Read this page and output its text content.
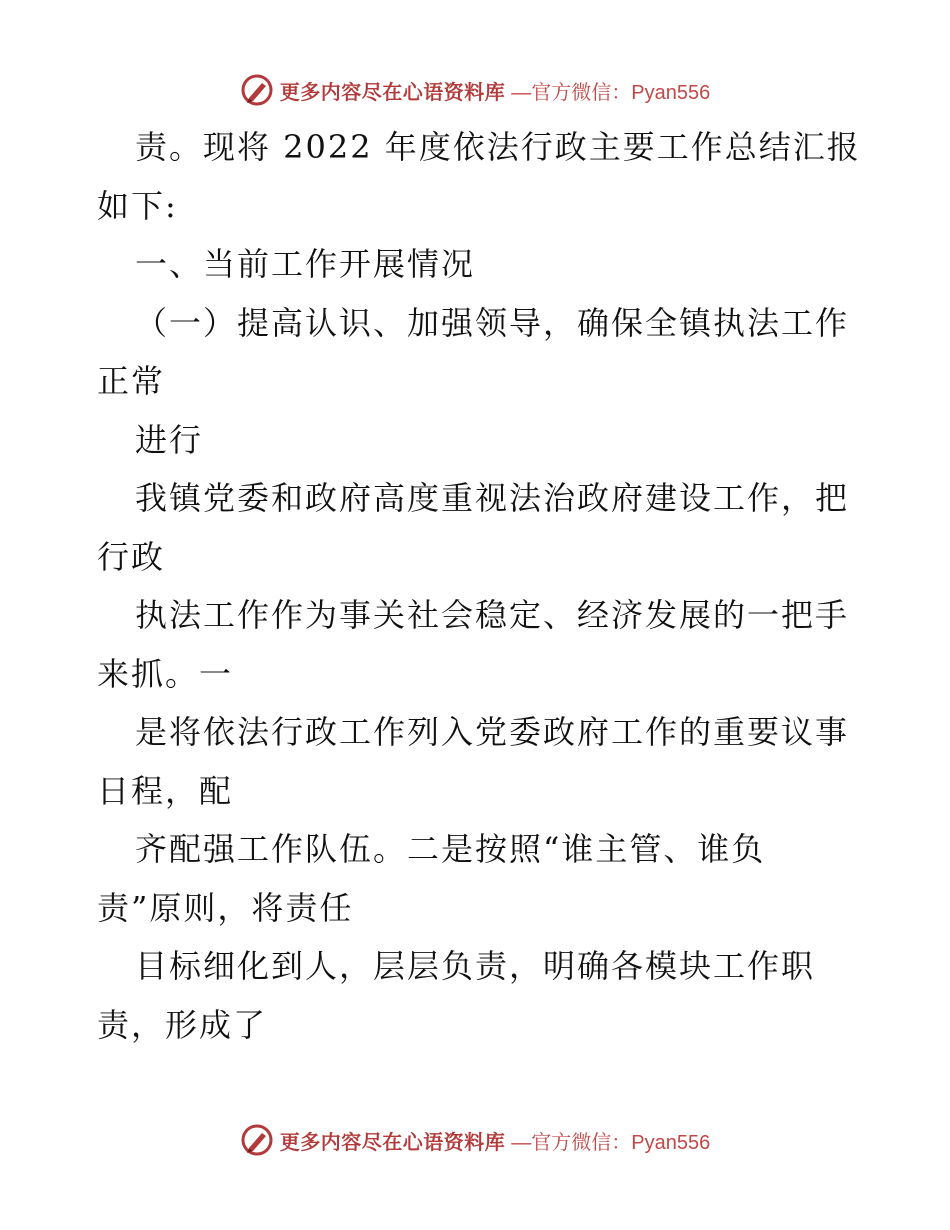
更多内容尽在心语资料库 —官方微信：Pyan556
责。现将 2022 年度依法行政主要工作总结汇报
如下:
一、当前工作开展情况
（一）提高认识、加强领导，确保全镇执法工作
正常
进行
我镇党委和政府高度重视法治政府建设工作，把
行政
执法工作作为事关社会稳定、经济发展的一把手
来抓。一
是将依法行政工作列入党委政府工作的重要议事
日程，配
齐配强工作队伍。二是按照“谁主管、谁负
责”原则，将责任
目标细化到人，层层负责，明确各模块工作职
责，形成了
更多内容尽在心语资料库 —官方微信：Pyan556
